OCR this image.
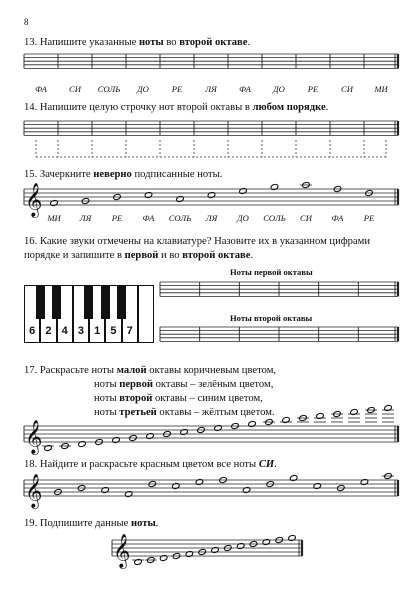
8
13. Напишите указанные ноты во второй октаве.
ФА	СИ	СОЛЬ	ДО	РЕ	ЛЯ	ФА	ДО	РЕ	СИ	МИ
14. Напишите целую строчку нот второй октавы в любом порядке.
15. Зачеркните неверно подписанные ноты.
МИ	ЛЯ	РЕ	ФА	СОЛЬ	ЛЯ	ДО	СОЛЬ	СИ	ФА	РЕ
16. Какие звуки отмечены на клавиатуре? Назовите их в указанном цифрами
порядке и запишите в первой и во второй октаве.
Ноты первой октавы
Ноты второй октавы
6 2 4 3 1 5 7
17. Раскрасьте ноты малой октавы коричневым цветом,
ноты первой октавы – зелёным цветом,
ноты второй октавы – синим цветом,
ноты третьей октавы – жёлтым цветом.
18. Найдите и раскрасьте красным цветом все ноты СИ.
19. Подпишите данные ноты.
𝄞
𝄞
𝄞
𝄞
